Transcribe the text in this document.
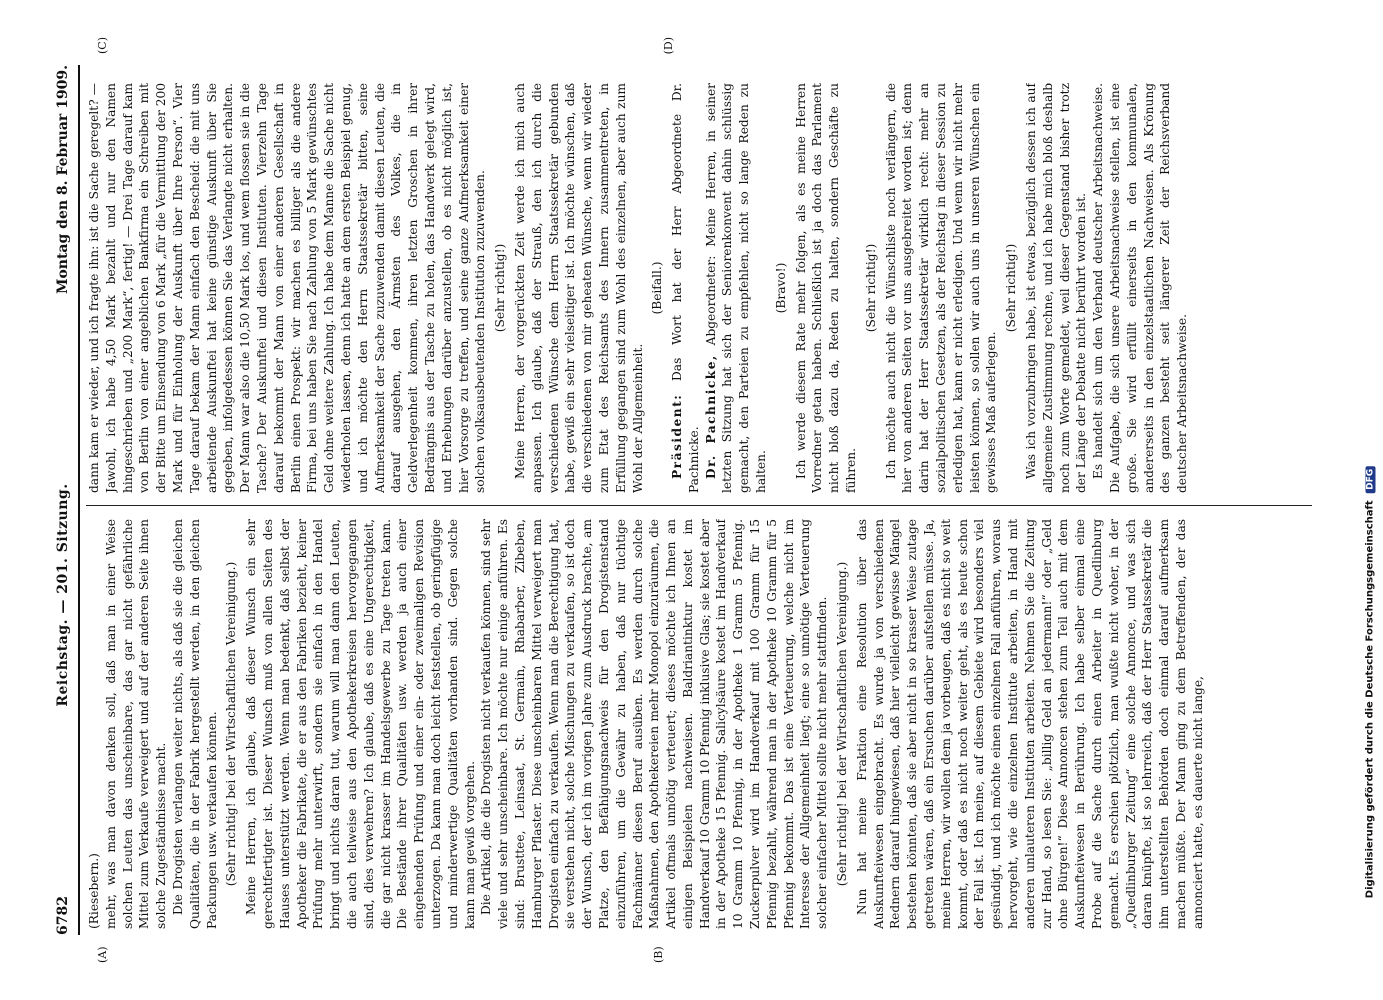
6782
Reichstag. — 201. Sitzung.
Montag den 8. Februar 1909.
(A)	(B)
(C)	(D)

(Riesebern.) mehr, was man davon denken soll, daß man in einer Weise solchen Leuten das unscheinbare, das gar nicht gefährliche Mittel zum Verkaufe verweigert und auf der anderen Seite ihnen solche Zugeständnisse macht. Die Drogisten verlangen weiter nichts, als daß sie die gleichen Qualitäten, die in der Fabrik hergestellt werden, in den gleichen Packungen usw. verkaufen können. (Sehr richtig! bei der Wirtschaftlichen Vereinigung.) Meine Herren, ich glaube, daß dieser Wunsch ein sehr gerechtfertigter ist. Dieser Wunsch muß von allen Seiten des Hauses unterstützt werden. Wenn man bedenkt, daß selbst der Apotheker die Fabrikate, die er aus den Fabriken bezieht, keiner Prüfung mehr unterwirft, sondern sie einfach in den Handel bringt und nichts daran tut, warum will man dann den Leuten, die auch teilweise aus den Apothekerkreisen hervorgegangen sind, dies verwehren? Ich glaube, daß es eine Ungerechtigkeit, die gar nicht krasser im Handelsgewerbe zu Tage treten kann. Die Bestände ihrer Qualitäten usw. werden ja auch einer eingehenden Prüfung und einer ein- oder zweimaligen Revision unterzogen. Da kann man doch leicht feststellen, ob geringfügige und minderwertige Qualitäten vorhanden sind. Gegen solche kann man gewiß vorgehen. Die Artikel, die die Drogisten nicht verkaufen können, sind sehr viele und sehr unscheinbare. Ich möchte nur einige anführen. Es sind: Brusttee, Leinsaat, St. Germain, Rhabarber, Zibeben, Hamburger Pflaster. Diese unscheinbaren Mittel verweigert man Drogisten einfach zu verkaufen. Wenn man die Berechtigung hat, sie verstehen nicht, solche Mischungen zu verkaufen, so ist doch der Wunsch, der ich im vorigen Jahre zum Ausdruck brachte, am Platze, den Befähigungsnachweis für den Drogistenstand einzuführen, um die Gewähr zu haben, daß nur tüchtige Fachmänner diesen Beruf ausüben. Es werden durch solche Maßnahmen, den Apothekereien mehr Monopol einzuräumen, die Artikel oftmals unnötig verteuert; dieses möchte ich Ihnen an einigen Beispielen nachweisen. Baldriantinktur kostet im Handverkauf 10 Gramm 10 Pfennig inklusive Glas; sie kostet aber in der Apotheke 15 Pfennig. Salicylsäure kostet im Handverkauf 10 Gramm 10 Pfennig, in der Apotheke 1 Gramm 5 Pfennig. Zuckerpulver wird im Handverkauf mit 100 Gramm für 15 Pfennig bezahlt, während man in der Apotheke 10 Gramm für 5 Pfennig bekommt. Das ist eine Verteuerung, welche nicht im Interesse der Allgemeinheit liegt; eine so unnötige Verteuerung solcher einfacher Mittel sollte nicht mehr stattfinden. (Sehr richtig! bei der Wirtschaftlichen Vereinigung.) Nun hat meine Fraktion eine Resolution über das Auskunfteiwesen eingebracht. Es wurde ja von verschiedenen Rednern darauf hingewiesen, daß hier vielleicht gewisse Mängel bestehen könnten, daß sie aber nicht in so krasser Weise zutage getreten wären, daß ein Ersuchen darüber aufstellen müsse. Ja, meine Herren, wir wollen dem ja vorbeugen, daß es nicht so weit kommt, oder daß es nicht noch weiter geht, als es heute schon der Fall ist. Ich meine, auf diesem Gebiete wird besonders viel gesündigt, und ich möchte einen einzelnen Fall anführen, woraus hervorgeht, wie die einzelnen Institute arbeiten, in Hand mit anderen unlauteren Instituten arbeiten. Nehmen Sie die Zeitung zur Hand, so lesen Sie: „billig Geld an jedermann!“ oder „Geld ohne Bürgen!“ Diese Annoncen stehen zum Teil auch mit dem Auskunfteiwesen in Berührung. Ich habe selber einmal eine Probe auf die Sache durch einen Arbeiter in Quedlinburg gemacht. Es erschien plötzlich, man wußte nicht woher, in der „Quedlinburger Zeitung“ eine solche Annonce, und was sich daran knüpfte, ist so lehrreich, daß der Herr Staatssekretär die ihm unterstellten Behörden doch einmal darauf aufmerksam machen müßte. Der Mann ging zu dem Betreffenden, der das annonciert hatte, es dauerte nicht lange,

dann kam er wieder, und ich fragte ihn: ist die Sache geregelt? — Jawohl, ich habe 4,50 Mark bezahlt und nur den Namen hingeschrieben und „200 Mark“, fertig! — Drei Tage darauf kam von Berlin von einer angeblichen Bankfirma ein Schreiben mit der Bitte um Einsendung von 6 Mark „für die Vermittlung der 200 Mark und für Einholung der Auskunft über Ihre Person“. Vier Tage darauf bekam der Mann einfach den Bescheid: die mit uns arbeitende Auskunftei hat keine günstige Auskunft über Sie gegeben, infolgedessen können Sie das Verlangte nicht erhalten. Der Mann war also die 10,50 Mark los, und wem flossen sie in die Tasche? Der Auskunftei und diesen Instituten. Vierzehn Tage darauf bekommt der Mann von einer anderen Gesellschaft in Berlin einen Prospekt: wir machen es billiger als die andere Firma, bei uns haben Sie nach Zahlung von 5 Mark gewünschtes Geld ohne weitere Zahlung. Ich habe dem Manne die Sache nicht wiederholen lassen, denn ich hatte an dem ersten Beispiel genug, und ich möchte den Herrn Staatssekretär bitten, seine Aufmerksamkeit der Sache zuzuwenden damit diesen Leuten, die darauf ausgehen, den Ärmsten des Volkes, die in Geldverlegenheit kommen, ihren letzten Groschen in ihrer Bedrängnis aus der Tasche zu holen, das Handwerk gelegt wird, und Erhebungen darüber anzustellen, ob es nicht möglich ist, hier Vorsorge zu treffen, und seine ganze Aufmerksamkeit einer solchen volksausbeutenden Institution zuzuwenden. (Sehr richtig!) Meine Herren, der vorgerückten Zeit werde ich mich auch anpassen. Ich glaube, daß der Strauß, den ich durch die verschiedenen Wünsche dem Herrn Staatssekretär gebunden habe, gewiß ein sehr vielseitiger ist. Ich möchte wünschen, daß die verschiedenen von mir geheaten Wünsche, wenn wir wieder zum Etat des Reichsamts des Innern zusammentreten, in Erfüllung gegangen sind zum Wohl des einzelnen, aber auch zum Wohl der Allgemeinheit.

(Beifall.)

Präsident: Das Wort hat der Herr Abgeordnete Dr. Pachnicke. Dr. Pachnicke, Abgeordneter: Meine Herren, in seiner letzten Sitzung hat sich der Seniorenkonvent dahin schlüssig gemacht, den Parteien zu empfehlen, nicht so lange Reden zu halten.

(Bravo!) Ich werde diesem Rate mehr folgen, als es meine Herren Vorredner getan haben. Schließlich ist ja doch das Parlament nicht bloß dazu da, Reden zu halten, sondern Geschäfte zu führen.

(Sehr richtig!) Ich möchte auch nicht die Wünschliste noch verlängern, die hier von anderen Seiten vor uns ausgebreitet worden ist; denn darin hat der Herr Staatssekretär wirklich recht: mehr an sozialpolitischen Gesetzen, als der Reichstag in dieser Session zu erledigen hat, kann er nicht erledigen. Und wenn wir nicht mehr leisten können, so sollen wir auch uns in unseren Wünschen ein gewisses Maß auferlegen.

(Sehr richtig!) Was ich vorzubringen habe, ist etwas, bezüglich dessen ich auf allgemeine Zustimmung rechne, und ich habe mich bloß deshalb noch zum Worte gemeldet, weil dieser Gegenstand bisher trotz der Länge der Debatte nicht berührt worden ist. Es handelt sich um den Verband deutscher Arbeitsnachweise. Die Aufgabe, die sich unsere Arbeitsnachweise stellen, ist eine große. Sie wird erfüllt einerseits in den kommunalen, andererseits in den einzelstaatlichen Nachweisen. Als Krönung des ganzen besteht seit längerer Zeit der Reichsverband deutscher Arbeitsnachweise.

Digitalisierung gefördert durch die Deutsche Forschungsgemeinschaft DFG
